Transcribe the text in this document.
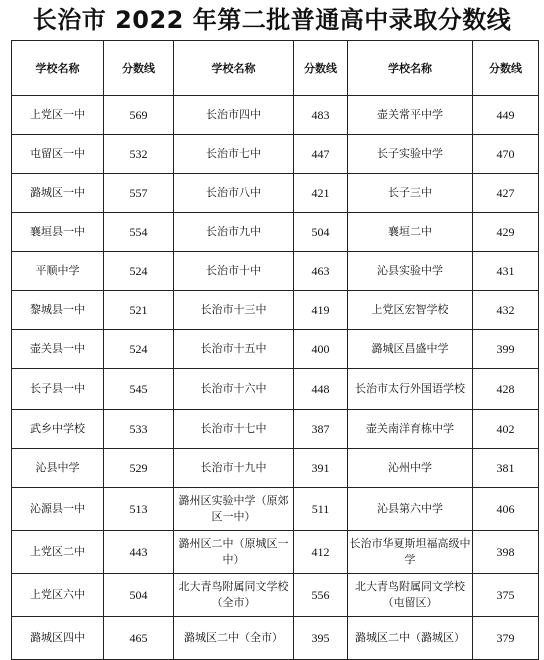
长治市 2022 年第二批普通高中录取分数线
学校名称	分数线	学校名称	分数线	学校名称	分数线
上党区一中	569	长治市四中	483	壶关常平中学	449
屯留区一中	532	长治市七中	447	长子实验中学	470
潞城区一中	557	长治市八中	421	长子三中	427
襄垣县一中	554	长治市九中	504	襄垣二中	429
平顺中学	524	长治市十中	463	沁县实验中学	431
黎城县一中	521	长治市十三中	419	上党区宏智学校	432
壶关县一中	524	长治市十五中	400	潞城区昌盛中学	399
长子县一中	545	长治市十六中	448	长治市太行外国语学校	428
武乡中学校	533	长治市十七中	387	壶关南洋育栋中学	402
沁县中学	529	长治市十九中	391	沁州中学	381
沁源县一中	513	潞州区实验中学（原郊区一中）	511	沁县第六中学	406
上党区二中	443	潞州区二中（原城区一中）	412	长治市华夏斯坦福高级中学	398
上党区六中	504	北大青鸟附属同文学校（全市）	556	北大青鸟附属同文学校（屯留区）	375
潞城区四中	465	潞城区二中（全市）	395	潞城区二中（潞城区）	379
